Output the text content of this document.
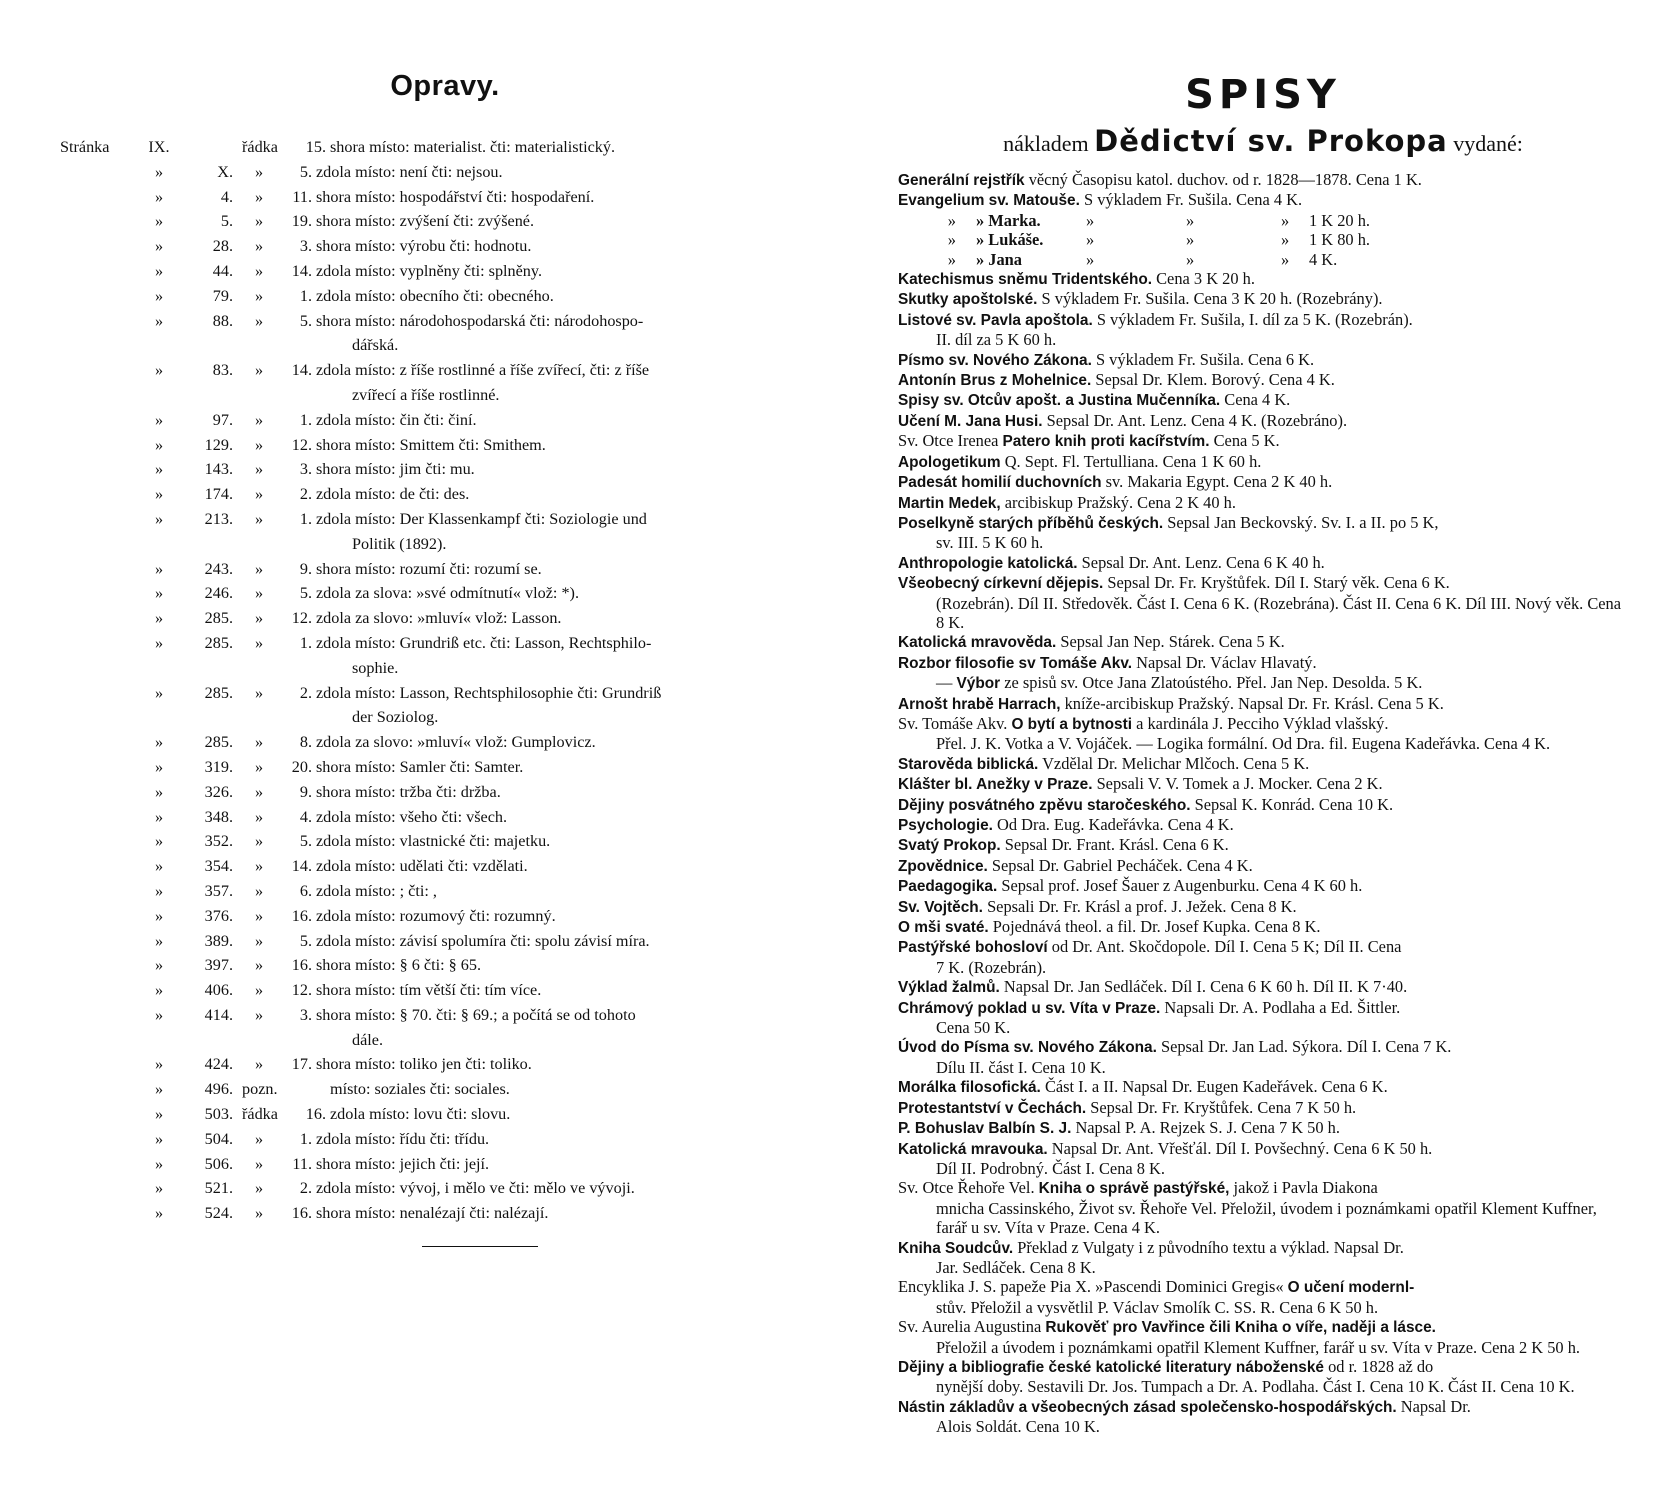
Opravy.
Stránka	IX.	řádka	15. shora místo: materialist. čti: materialistický.
»	X.	»	5. zdola místo: není čti: nejsou.
»	4.	»	11. shora místo: hospodářství čti: hospodaření.
»	5.	»	19. shora místo: zvýšení čti: zvýšené.
»	28.	»	3. shora místo: výrobu čti: hodnotu.
»	44.	»	14. zdola místo: vyplněny čti: splněny.
»	79.	»	1. zdola místo: obecního čti: obecného.
»	88.	»	5. shora místo: národohospodarská čti: národohospo-
dářská.
»	83.	»	14. zdola místo: z říše rostlinné a říše zvířecí, čti: z říše
zvířecí a říše rostlinné.
»	97.	»	1. zdola místo: čin čti: činí.
»	129.	»	12. shora místo: Smittem čti: Smithem.
»	143.	»	3. shora místo: jim čti: mu.
»	174.	»	2. zdola místo: de čti: des.
»	213.	»	1. zdola místo: Der Klassenkampf čti: Soziologie und
Politik (1892).
»	243.	»	9. shora místo: rozumí čti: rozumí se.
»	246.	»	5. zdola za slova: »své odmítnutí« vlož: *).
»	285.	»	12. zdola za slovo: »mluví« vlož: Lasson.
»	285.	»	1. zdola místo: Grundriß etc. čti: Lasson, Rechtsphilo-
sophie.
»	285.	»	2. zdola místo: Lasson, Rechtsphilosophie čti: Grundriß
der Soziolog.
»	285.	»	8. zdola za slovo: »mluví« vlož: Gumplovicz.
»	319.	»	20. shora místo: Samler čti: Samter.
»	326.	»	9. shora místo: tržba čti: držba.
»	348.	»	4. zdola místo: všeho čti: všech.
»	352.	»	5. zdola místo: vlastnické čti: majetku.
»	354.	»	14. zdola místo: udělati čti: vzdělati.
»	357.	»	6. zdola místo: ; čti: ,
»	376.	»	16. zdola místo: rozumový čti: rozumný.
»	389.	»	5. zdola místo: závisí spolumíra čti: spolu závisí míra.
»	397.	»	16. shora místo: § 6 čti: § 65.
»	406.	»	12. shora místo: tím větší čti: tím více.
»	414.	»	3. shora místo: § 70. čti: § 69.; a počítá se od tohoto
dále.
»	424.	»	17. shora místo: toliko jen čti: toliko.
»	496. pozn.	místo: soziales čti: sociales.
»	503. řádka	16. zdola místo: lovu čti: slovu.
»	504.	»	1. zdola místo: řídu čti: třídu.
»	506.	»	11. shora místo: jejich čti: její.
»	521.	»	2. zdola místo: vývoj, i mělo ve čti: mělo ve vývoji.
»	524.	»	16. shora místo: nenalézají čti: nalézají.
SPISY
nákladem Dědictví sv. Prokopa vydané:
Generální rejstřík věcný Časopisu katol. duchov. od r. 1828—1878. Cena 1 K.
Evangelium sv. Matouše. S výkladem Fr. Sušila. Cena 4 K.
»	» Marka.	»	»	»	1 K 20 h.
»	» Lukáše.	»	»	»	1 K 80 h.
»	» Jana	»	»	»	4 K.
Katechismus sněmu Tridentského. Cena 3 K 20 h.
Skutky apoštolské. S výkladem Fr. Sušila. Cena 3 K 20 h. (Rozebrány).
Listové sv. Pavla apoštola. S výkladem Fr. Sušila, I. díl za 5 K. (Rozebrán).
II. díl za 5 K 60 h.
Písmo sv. Nového Zákona. S výkladem Fr. Sušila. Cena 6 K.
Antonín Brus z Mohelnice. Sepsal Dr. Klem. Borový. Cena 4 K.
Spisy sv. Otcův apošt. a Justina Mučenníka. Cena 4 K.
Učení M. Jana Husi. Sepsal Dr. Ant. Lenz. Cena 4 K. (Rozebráno).
Sv. Otce Irenea Patero knih proti kacířstvím. Cena 5 K.
Apologetikum Q. Sept. Fl. Tertulliana. Cena 1 K 60 h.
Padesát homilií duchovních sv. Makaria Egypt. Cena 2 K 40 h.
Martin Medek, arcibiskup Pražský. Cena 2 K 40 h.
Poselkyně starých příběhů českých. Sepsal Jan Beckovský. Sv. I. a II. po 5 K,
sv. III. 5 K 60 h.
Anthropologie katolická. Sepsal Dr. Ant. Lenz. Cena 6 K 40 h.
Všeobecný církevní dějepis. Sepsal Dr. Fr. Kryštůfek. Díl I. Starý věk. Cena 6 K.
(Rozebrán). Díl II. Středověk. Část I. Cena 6 K. (Rozebrána). Část II. Cena 6 K. Díl III. Nový věk. Cena 8 K.
Katolická mravověda. Sepsal Jan Nep. Stárek. Cena 5 K.
Rozbor filosofie sv Tomáše Akv. Napsal Dr. Václav Hlavatý.
— Výbor ze spisů sv. Otce Jana Zlatoústého. Přel. Jan Nep. Desolda. 5 K.
Arnošt hrabě Harrach, kníže-arcibiskup Pražský. Napsal Dr. Fr. Krásl. Cena 5 K.
Sv. Tomáše Akv. O bytí a bytnosti a kardinála J. Pecciho Výklad vlašský.
Přel. J. K. Votka a V. Vojáček. — Logika formální. Od Dra. fil. Eugena Kadeřávka. Cena 4 K.
Starověda biblická. Vzdělal Dr. Melichar Mlčoch. Cena 5 K.
Klášter bl. Anežky v Praze. Sepsali V. V. Tomek a J. Mocker. Cena 2 K.
Dějiny posvátného zpěvu staročeského. Sepsal K. Konrád. Cena 10 K.
Psychologie. Od Dra. Eug. Kadeřávka. Cena 4 K.
Svatý Prokop. Sepsal Dr. Frant. Krásl. Cena 6 K.
Zpovědnice. Sepsal Dr. Gabriel Pecháček. Cena 4 K.
Paedagogika. Sepsal prof. Josef Šauer z Augenburku. Cena 4 K 60 h.
Sv. Vojtěch. Sepsali Dr. Fr. Krásl a prof. J. Ježek. Cena 8 K.
O mši svaté. Pojednává theol. a fil. Dr. Josef Kupka. Cena 8 K.
Pastýřské bohosloví od Dr. Ant. Skočdopole. Díl I. Cena 5 K; Díl II. Cena
7 K. (Rozebrán).
Výklad žalmů. Napsal Dr. Jan Sedláček. Díl I. Cena 6 K 60 h. Díl II. K 7·40.
Chrámový poklad u sv. Víta v Praze. Napsali Dr. A. Podlaha a Ed. Šittler.
Cena 50 K.
Úvod do Písma sv. Nového Zákona. Sepsal Dr. Jan Lad. Sýkora. Díl I. Cena 7 K.
Dílu II. část I. Cena 10 K.
Morálka filosofická. Část I. a II. Napsal Dr. Eugen Kadeřávek. Cena 6 K.
Protestantství v Čechách. Sepsal Dr. Fr. Kryštůfek. Cena 7 K 50 h.
P. Bohuslav Balbín S. J. Napsal P. A. Rejzek S. J. Cena 7 K 50 h.
Katolická mravouka. Napsal Dr. Ant. Vřešťál. Díl I. Povšechný. Cena 6 K 50 h.
Díl II. Podrobný. Část I. Cena 8 K.
Sv. Otce Řehoře Vel. Kniha o správě pastýřské, jakož i Pavla Diakona
mnicha Cassinského, Život sv. Řehoře Vel. Přeložil, úvodem i poznámkami opatřil Klement Kuffner, farář u sv. Víta v Praze. Cena 4 K.
Kniha Soudcův. Překlad z Vulgaty i z původního textu a výklad. Napsal Dr.
Jar. Sedláček. Cena 8 K.
Encyklika J. S. papeže Pia X. »Pascendi Dominici Gregis« O učení modernl-
stův. Přeložil a vysvětlil P. Václav Smolík C. SS. R. Cena 6 K 50 h.
Sv. Aurelia Augustina Rukověť pro Vavřince čili Kniha o víře, naději a lásce.
Přeložil a úvodem i poznámkami opatřil Klement Kuffner, farář u sv. Víta v Praze. Cena 2 K 50 h.
Dějiny a bibliografie české katolické literatury náboženské od r. 1828 až do
nynější doby. Sestavili Dr. Jos. Tumpach a Dr. A. Podlaha. Část I. Cena 10 K. Část II. Cena 10 K.
Nástin základův a všeobecných zásad společensko-hospodářských. Napsal Dr.
Alois Soldát. Cena 10 K.
